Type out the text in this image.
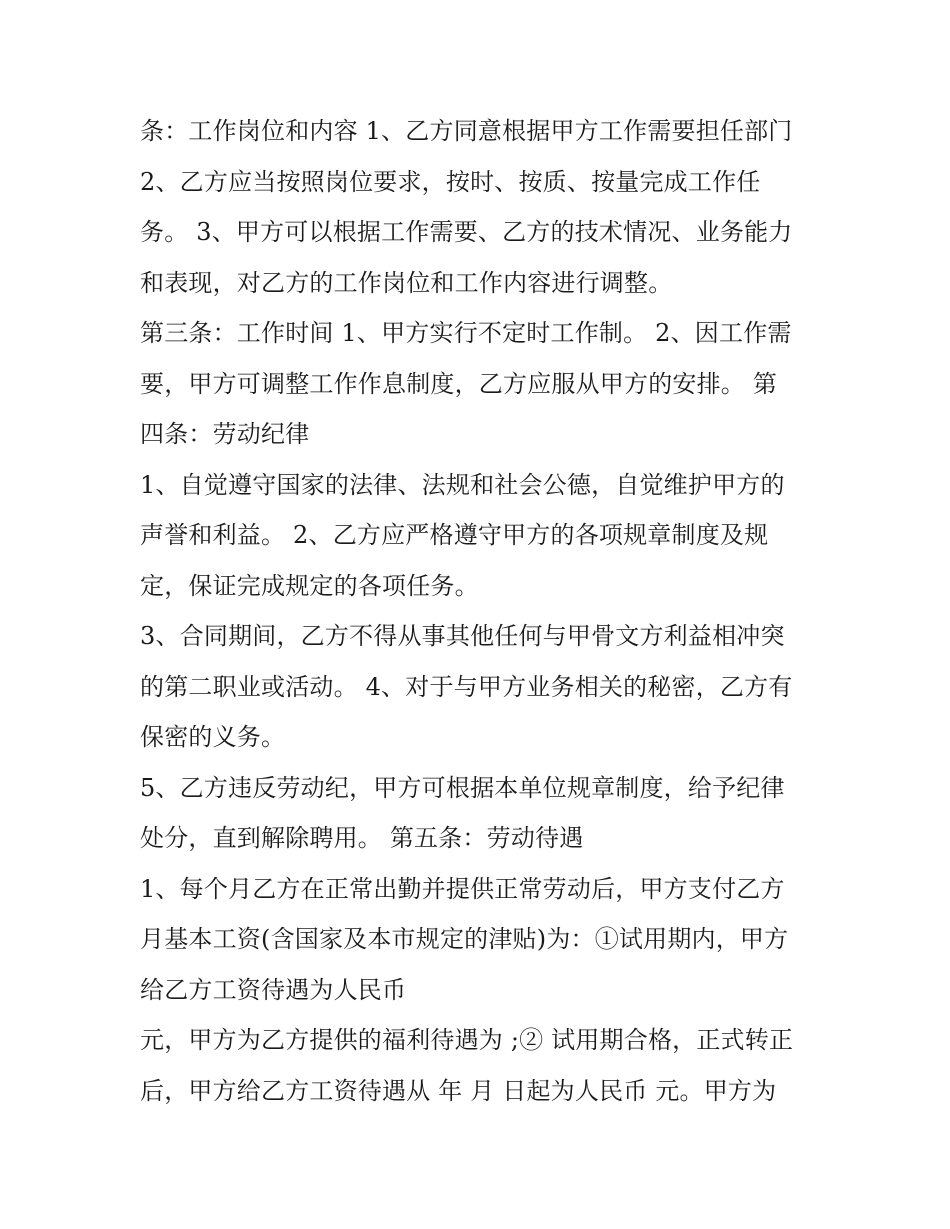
条：工作岗位和内容 1、乙方同意根据甲方工作需要担任部门
2、乙方应当按照岗位要求，按时、按质、按量完成工作任
务。 3、甲方可以根据工作需要、乙方的技术情况、业务能力
和表现，对乙方的工作岗位和工作内容进行调整。
第三条：工作时间 1、甲方实行不定时工作制。 2、因工作需
要，甲方可调整工作作息制度，乙方应服从甲方的安排。 第
四条：劳动纪律
1、自觉遵守国家的法律、法规和社会公德，自觉维护甲方的
声誉和利益。 2、乙方应严格遵守甲方的各项规章制度及规
定，保证完成规定的各项任务。
3、合同期间，乙方不得从事其他任何与甲骨文方利益相冲突
的第二职业或活动。 4、对于与甲方业务相关的秘密，乙方有
保密的义务。
5、乙方违反劳动纪，甲方可根据本单位规章制度，给予纪律
处分，直到解除聘用。 第五条：劳动待遇
1、每个月乙方在正常出勤并提供正常劳动后，甲方支付乙方
月基本工资(含国家及本市规定的津贴)为：①试用期内，甲方
给乙方工资待遇为人民币
元，甲方为乙方提供的福利待遇为 ;② 试用期合格，正式转正
后，甲方给乙方工资待遇从 年 月 日起为人民币 元。甲方为
